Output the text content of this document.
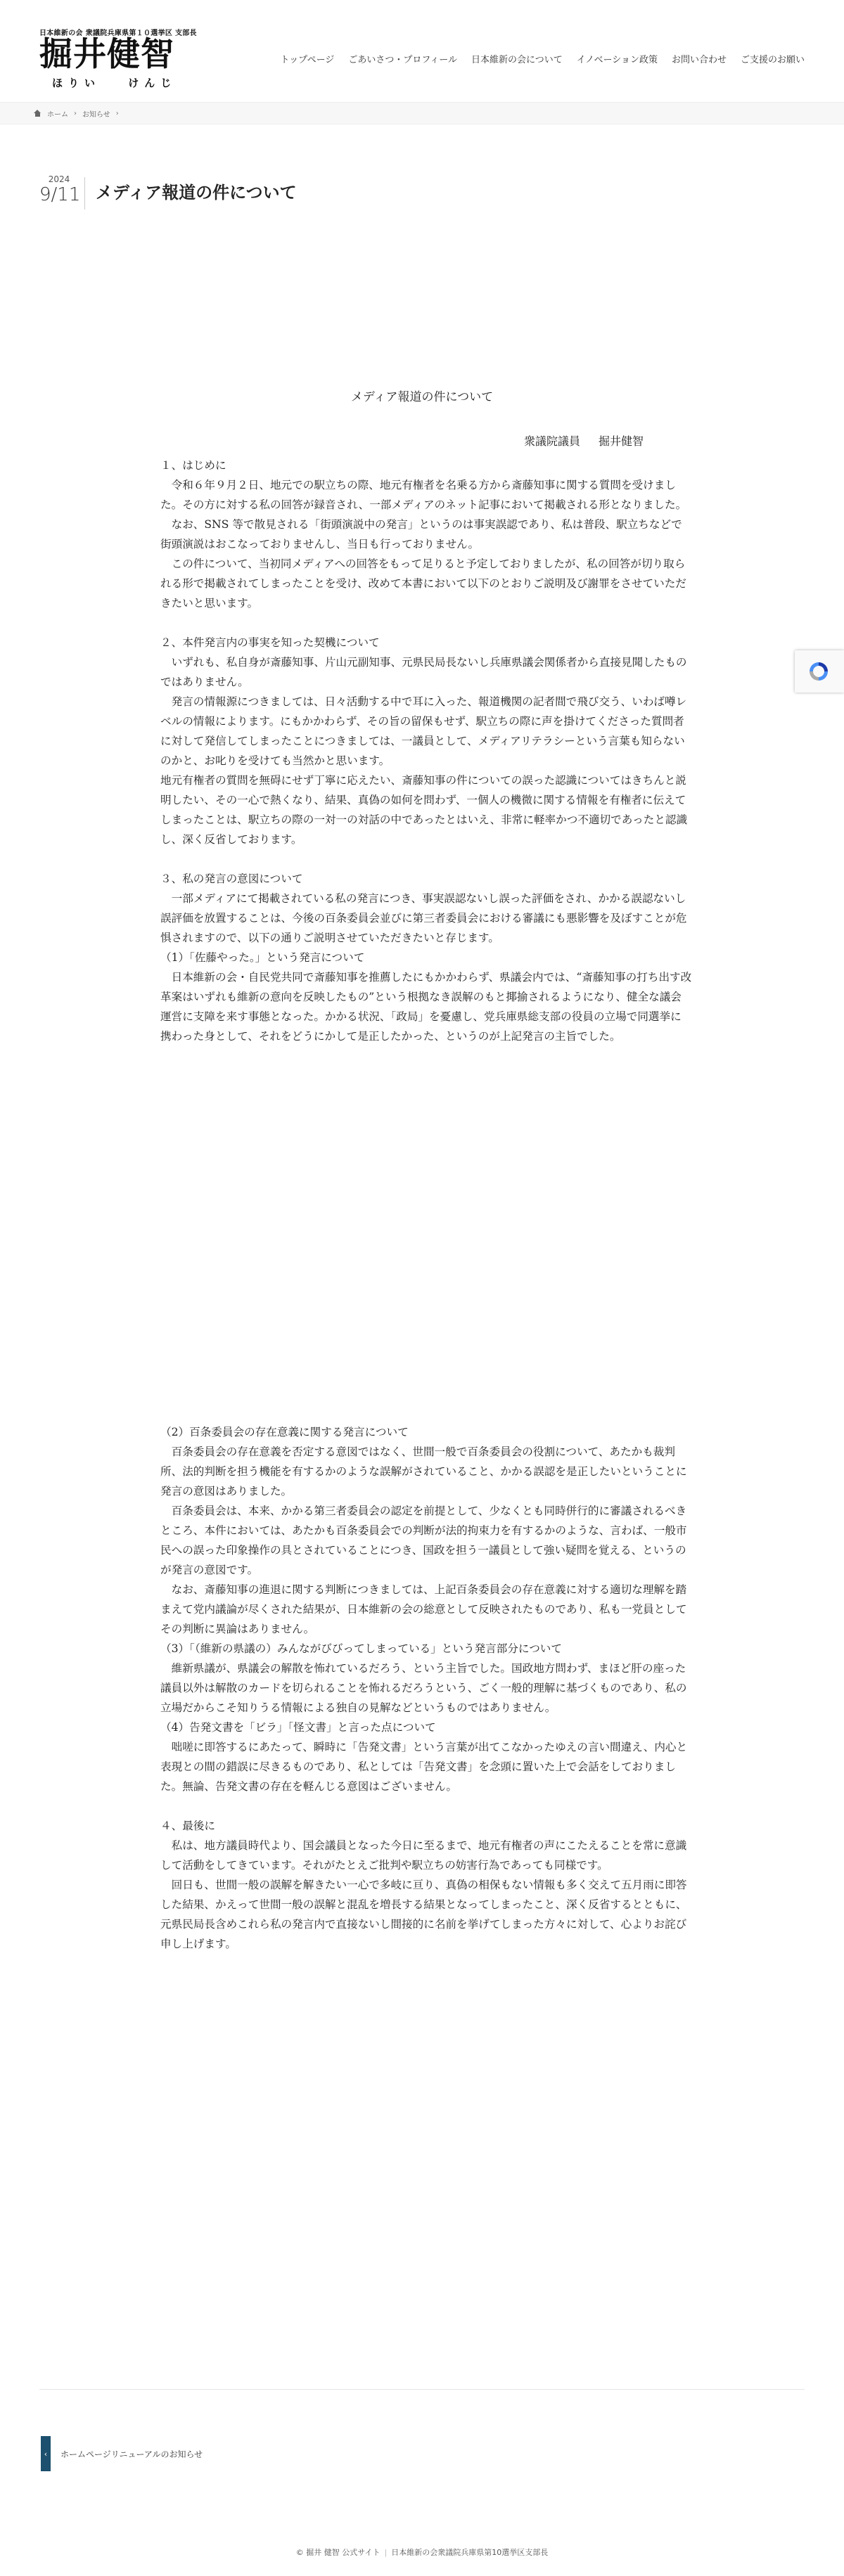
日本維新の会 衆議院兵庫県第１０選挙区 支部長
掘井健智
ほりい けんじ
トップページ	ごあいさつ・プロフィール	日本維新の会について	イノベーション政策	お問い合わせ	ご支援のお願い
ホーム › お知らせ ›
2024
9/11 メディア報道の件について
メディア報道の件について
衆議院議員 掘井健智

１、はじめに

令和６年９月２日、地元での駅立ちの際、地元有権者を名乗る方から斎藤知事に関する質問を受けました。その方に対する私の回答が録音され、一部メディアのネット記事において掲載される形となりました。

なお、SNS 等で散見される「街頭演説中の発言」というのは事実誤認であり、私は普段、駅立ちなどで街頭演説はおこなっておりませんし、当日も行っておりません。

この件について、当初同メディアへの回答をもって足りると予定しておりましたが、私の回答が切り取られる形で掲載されてしまったことを受け、改めて本書において以下のとおりご説明及び謝罪をさせていただきたいと思います。

２、本件発言内の事実を知った契機について

いずれも、私自身が斎藤知事、片山元副知事、元県民局長ないし兵庫県議会関係者から直接見聞したものではありません。

発言の情報源につきましては、日々活動する中で耳に入った、報道機関の記者間で飛び交う、いわば噂レベルの情報によります。にもかかわらず、その旨の留保もせず、駅立ちの際に声を掛けてくださった質問者に対して発信してしまったことにつきましては、一議員として、メディアリテラシーという言葉も知らないのかと、お叱りを受けても当然かと思います。

地元有権者の質問を無碍にせず丁寧に応えたい、斎藤知事の件についての誤った認識についてはきちんと説明したい、その一心で熱くなり、結果、真偽の如何を問わず、一個人の機微に関する情報を有権者に伝えてしまったことは、駅立ちの際の一対一の対話の中であったとはいえ、非常に軽率かつ不適切であったと認識し、深く反省しております。

３、私の発言の意図について

一部メディアにて掲載されている私の発言につき、事実誤認ないし誤った評価をされ、かかる誤認ないし誤評価を放置することは、今後の百条委員会並びに第三者委員会における審議にも悪影響を及ぼすことが危惧されますので、以下の通りご説明させていただきたいと存じます。

（1）「佐藤やった。」という発言について

日本維新の会・自民党共同で斎藤知事を推薦したにもかかわらず、県議会内では、“斎藤知事の打ち出す改革案はいずれも維新の意向を反映したもの”という根拠なき誤解のもと揶揄されるようになり、健全な議会運営に支障を来す事態となった。かかる状況、「政局」を憂慮し、党兵庫県総支部の役員の立場で同選挙に携わった身として、それをどうにかして是正したかった、というのが上記発言の主旨でした。

（2）百条委員会の存在意義に関する発言について

百条委員会の存在意義を否定する意図ではなく、世間一般で百条委員会の役割について、あたかも裁判所、法的判断を担う機能を有するかのような誤解がされていること、かかる誤認を是正したいということに発言の意図はありました。

百条委員会は、本来、かかる第三者委員会の認定を前提として、少なくとも同時併行的に審議されるべきところ、本件においては、あたかも百条委員会での判断が法的拘束力を有するかのような、言わば、一般市民への誤った印象操作の具とされていることにつき、国政を担う一議員として強い疑問を覚える、というのが発言の意図です。

なお、斎藤知事の進退に関する判断につきましては、上記百条委員会の存在意義に対する適切な理解を踏まえて党内議論が尽くされた結果が、日本維新の会の総意として反映されたものであり、私も一党員としてその判断に異論はありません。

（3）「（維新の県議の）みんながびびってしまっている」という発言部分について

維新県議が、県議会の解散を怖れているだろう、という主旨でした。国政地方問わず、まほど肝の座った議員以外は解散のカードを切られることを怖れるだろうという、ごく一般的理解に基づくものであり、私の立場だからこそ知りうる情報による独自の見解などというものではありません。

（4）告発文書を「ビラ」「怪文書」と言った点について

咄嗟に即答するにあたって、瞬時に「告発文書」という言葉が出てこなかったゆえの言い間違え、内心と表現との間の錯誤に尽きるものであり、私としては「告発文書」を念頭に置いた上で会話をしておりました。無論、告発文書の存在を軽んじる意図はございません。

４、最後に

私は、地方議員時代より、国会議員となった今日に至るまで、地元有権者の声にこたえることを常に意識して活動をしてきています。それがたとえご批判や駅立ちの妨害行為であっても同様です。

回日も、世間一般の誤解を解きたい一心で多岐に亘り、真偽の相保もない情報も多く交えて五月雨に即答した結果、かえって世間一般の誤解と混乱を増長する結果となってしまったこと、深く反省するとともに、元県民局長含めこれら私の発言内で直接ないし間接的に名前を挙げてしまった方々に対して、心よりお詫び申し上げます。

‹	ホームページリニューアルのお知らせ
© 掘井 健智 公式サイト | 日本維新の会衆議院兵庫県第10選挙区支部長
